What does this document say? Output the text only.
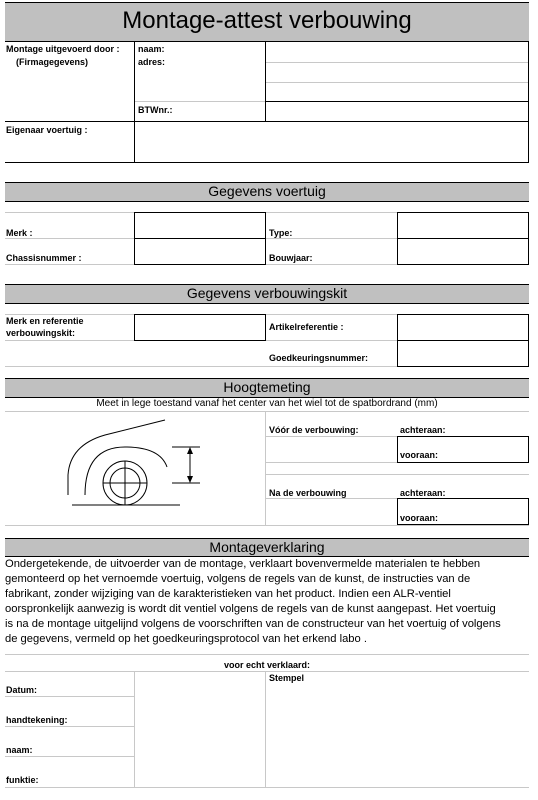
Montage-attest verbouwing
Montage uitgevoerd door :
(Firmagegevens)
naam:
adres:
BTWnr.:
Eigenaar voertuig :
Gegevens voertuig
Merk :
Chassisnummer :
Type:
Bouwjaar:
Gegevens verbouwingskit
Merk en referentie
verbouwingskit:
Artikelreferentie :
Goedkeuringsnummer:
Hoogtemeting
Meet in lege toestand vanaf het center van het wiel tot de spatbordrand (mm)
Vóór de verbouwing:	achteraan:
vooraan:
Na de verbouwing	achteraan:
vooraan:
Montageverklaring
Ondergetekende, de uitvoerder van de montage, verklaart bovenvermelde materialen te hebben
gemonteerd op het vernoemde voertuig, volgens de regels van de kunst, de instructies van de
fabrikant, zonder wijziging van de karakteristieken van het product. Indien een ALR-ventiel
oorspronkelijk aanwezig is wordt dit ventiel volgens de regels van de kunst aangepast. Het voertuig
is na de montage uitgelijnd volgens de voorschriften van de constructeur van het voertuig of volgens
de gegevens, vermeld op het goedkeuringsprotocol van het erkend labo .
voor echt verklaard:
Stempel
Datum:
handtekening:
naam:
funktie:
